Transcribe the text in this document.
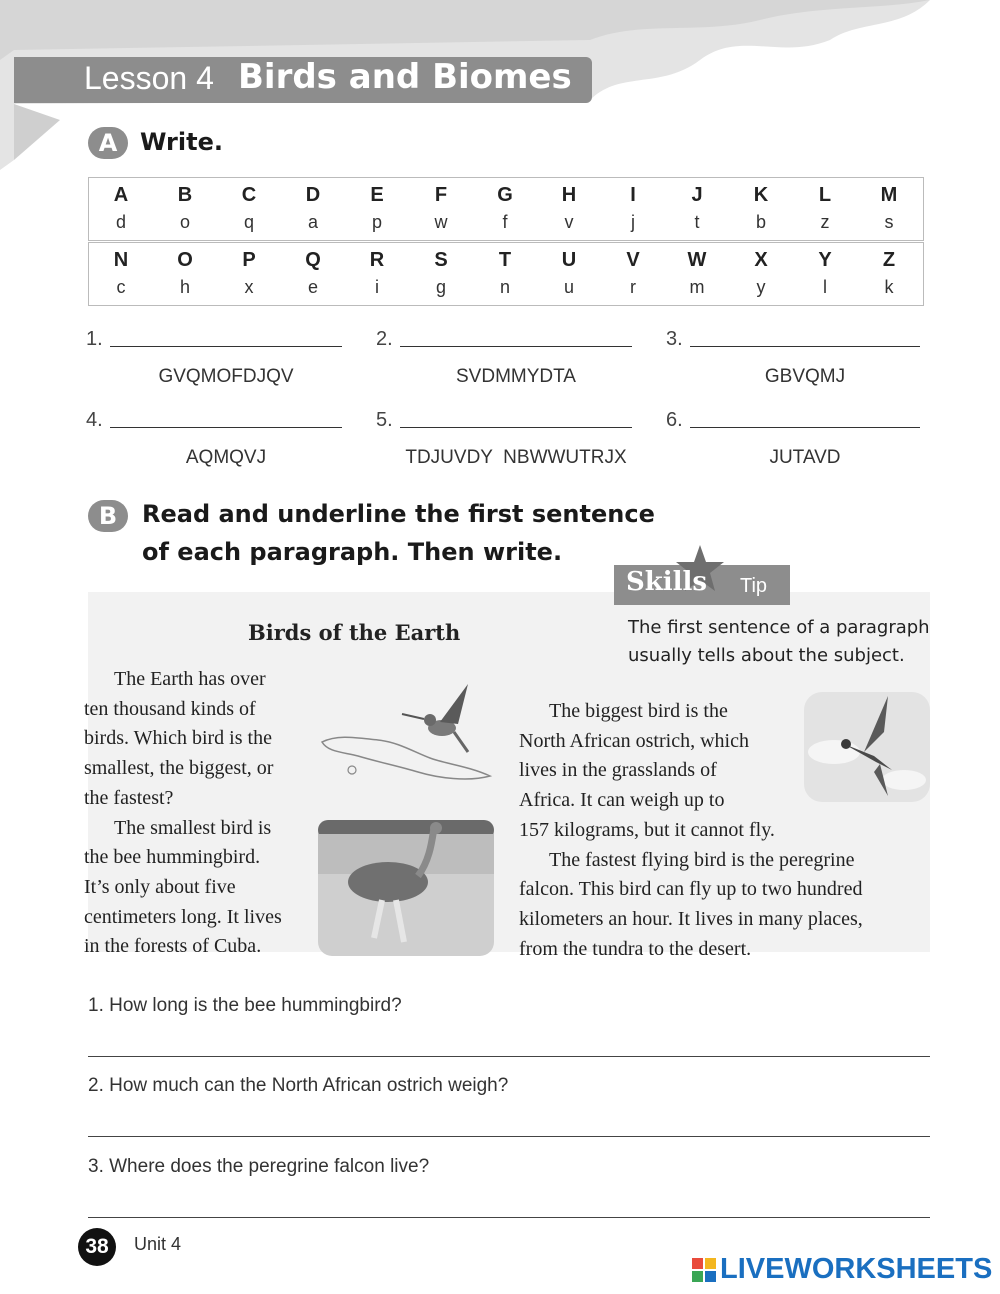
Lesson 4 Birds and Biomes
A Write.
A	B	C	D	E	F	G	H	I	J	K	L	M
d	o	q	a	p	w	f	v	j	t	b	z	s
N	O	P	Q	R	S	T	U	V	W	X	Y	Z
c	h	x	e	i	g	n	u	r	m	y	l	k
1.
GVQMOFDJQV
2.
SVDMMYDTA
3.
GBVQMJ
4.
AQMQVJ
5.
TDJUVDY  NBWWUTRJX
6.
JUTAVD
B	Read and underline the first sentence
of each paragraph. Then write.
Skills Tip
The first sentence of a paragraph
usually tells about the subject.
Birds of the Earth

The Earth has over

ten thousand kinds of

birds. Which bird is the

smallest, the biggest, or

the fastest?

The smallest bird is

the bee hummingbird.

It’s only about five

centimeters long. It lives

in the forests of Cuba.

The biggest bird is the

North African ostrich, which

lives in the grasslands of

Africa. It can weigh up to

157 kilograms, but it cannot fly.

The fastest flying bird is the peregrine

falcon. This bird can fly up to two hundred

kilometers an hour. It lives in many places,

from the tundra to the desert.

1. How long is the bee hummingbird?
2. How much can the North African ostrich weigh?
3. Where does the peregrine falcon live?
38	Unit 4
LIVEWORKSHEETS
